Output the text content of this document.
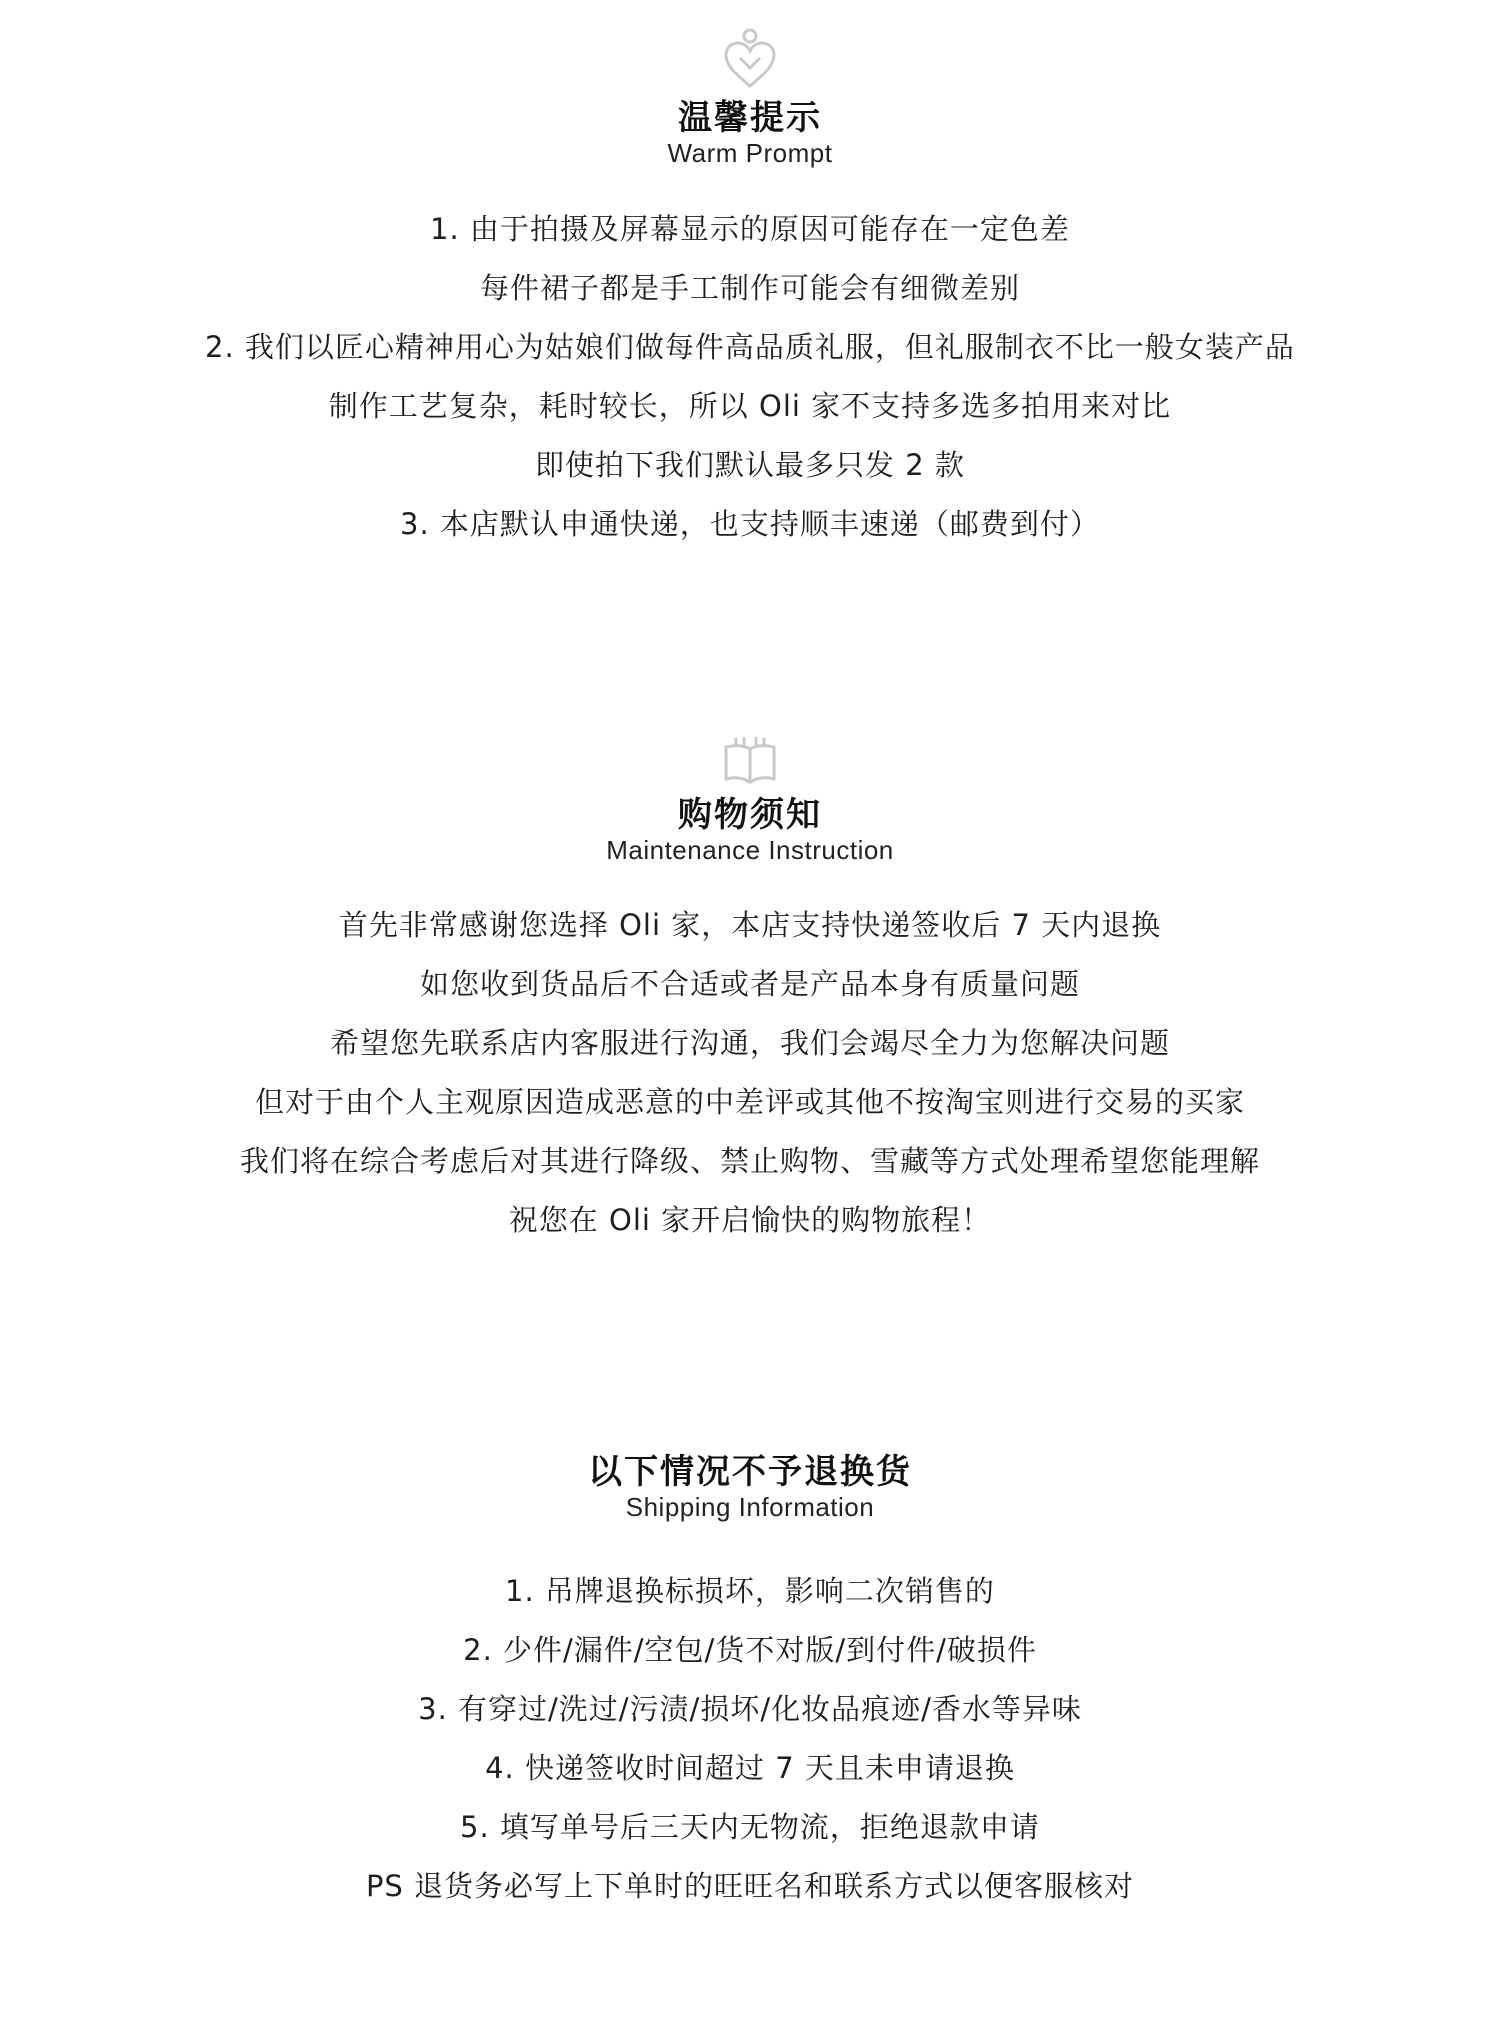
温馨提示
Warm Prompt
1. 由于拍摄及屏幕显示的原因可能存在一定色差
每件裙子都是手工制作可能会有细微差别
2. 我们以匠心精神用心为姑娘们做每件高品质礼服，但礼服制衣不比一般女装产品
制作工艺复杂，耗时较长，所以 Oli 家不支持多选多拍用来对比
即使拍下我们默认最多只发 2 款
3. 本店默认申通快递，也支持顺丰速递（邮费到付）
购物须知
Maintenance Instruction
首先非常感谢您选择 Oli 家，本店支持快递签收后 7 天内退换
如您收到货品后不合适或者是产品本身有质量问题
希望您先联系店内客服进行沟通，我们会竭尽全力为您解决问题
但对于由个人主观原因造成恶意的中差评或其他不按淘宝则进行交易的买家
我们将在综合考虑后对其进行降级、禁止购物、雪藏等方式处理希望您能理解
祝您在 Oli 家开启愉快的购物旅程！
以下情况不予退换货
Shipping Information
1. 吊牌退换标损坏，影响二次销售的
2. 少件/漏件/空包/货不对版/到付件/破损件
3. 有穿过/洗过/污渍/损坏/化妆品痕迹/香水等异味
4. 快递签收时间超过 7 天且未申请退换
5. 填写单号后三天内无物流，拒绝退款申请
PS 退货务必写上下单时的旺旺名和联系方式以便客服核对
